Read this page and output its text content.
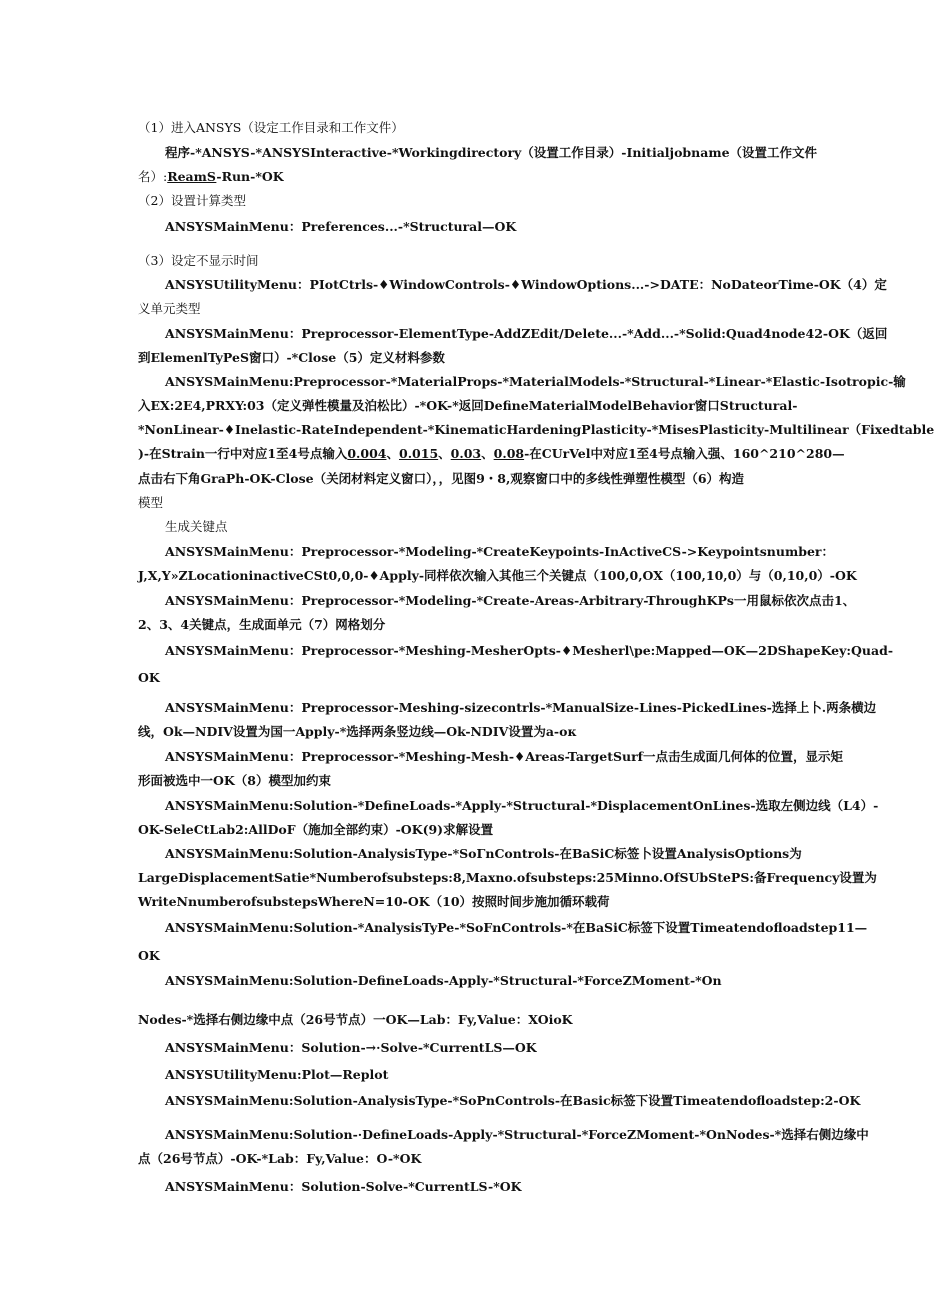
（1）进入ANSYS（设定工作目录和工作文件）
程序-*ANSYS-*ANSYSInteractive-*Workingdirectory（设置工作目录）-Initialjobname（设置工作文件
名）:ReamS-Run-*OK
（2）设置计算类型
ANSYSMainMenu：Preferences...-*Structural—OK
（3）设定不显示时间
ANSYSUtilityMenu：PIotCtrls-♦WindowControls-♦WindowOptions...->DATE：NoDateorTime-OK（4）定
义单元类型
ANSYSMainMenu：Preprocessor-ElementType-AddZEdit/Delete...-*Add...-*Solid:Quad4node42-OK（返回
到ElemenlTyPeS窗口）-*Close（5）定义材料参数
ANSYSMainMenu:Preprocessor-*MaterialProps-*MaterialModels-*Structural-*Linear-*Elastic-Isotropic-输
入EX:2E4,PRXY:03（定义弹性模量及泊松比）-*OK-*返回DefineMaterialModelBehavior窗口Structural-
*NonLinear-♦Inelastic-RateIndependent-*KinematicHardeningPlasticity-*MisesPlasticity-Multilinear（Fixedtable
)-在Strain一行中对应1至4号点输入0.004、0.015、0.03、0.08-在CUrVel中对应1至4号点输入强、160^210^280—
点击右下角GraPh-OK-Close（关闭材料定义窗口），，见图9・8,观察窗口中的多线性弹塑性模型（6）构造
模型
生成关键点
ANSYSMainMenu ： Preprocessor-*Modeling-*CreateKeypoints-InActiveCS->Keypointsnumber ：
J,X,Y»ZLocationinactiveCSt0,0,0-♦Apply-同样依次输入其他三个关键点（100,0,OX（100,10,0）与（0,10,0）-OK
ANSYSMainMenu：Preprocessor-*Modeling-*Create-Areas-Arbitrary-ThroughKPs一用鼠标依次点击1、
2、3、4关键点，生成面单元（7）网格划分
ANSYSMainMenu：Preprocessor-*Meshing-MesherOpts-♦Mesherl\pe:Mapped—OK—2DShapeKey:Quad-
OK
ANSYSMainMenu：Preprocessor-Meshing-sizecontrls-*ManualSize-Lines-PickedLines-选择上卜.两条横边
线，Ok—NDIV设置为国一Apply-*选择两条竖边线—Ok-NDIV设置为a-oκ
ANSYSMainMenu：Preprocessor-*Meshing-Mesh-♦Areas-TargetSurf一点击生成面几何体的位置，显示矩
形面被选中一OK（8）模型加约束
ANSYSMainMenu:Solution-*DefineLoads-*Apply-*Structural-*DisplacementOnLines-选取左侧边线（L4）-
OK-SeleCtLab2:AllDoF（施加全部约束）-OK(9)求解设置
ANSYSMainMenu:Solution-AnalysisType-*SoΓnControls-在BaSiC标签卜设置AnalysisOptions为
LargeDisplacementSatie*Numberofsubsteps:8,Maxno.ofsubsteps:25Minno.OfSUbStePS:备Frequency设置为
WriteNnumberofsubstepsWhereN=10-OK（10）按照时间步施加循环载荷
ANSYSMainMenu:Solution-*AnalysisTyPe-*SoFnControls-*在BaSiC标签下设置Timeatendofloadstep11—
OK
ANSYSMainMenu:Solution-DefineLoads-Apply-*Structural-*ForceZMoment-*On
Nodes-*选择右侧边缘中点（26号节点）一OK—Lab：Fy,Value：XOioK
ANSYSMainMenu：Solution-→·Solve-*CurrentLS—OK
ANSYSUtilityMenu:Plot—Replot
ANSYSMainMenu:Solution-AnalysisType-*SoPnControls-在Basic标签下设置Timeatendofloadstep:2-OK
ANSYSMainMenu:Solution-·DefineLoads-Apply-*Structural-*ForceZMoment-*OnNodes-*选择右侧边缘中
点（26号节点）-OK-*Lab：Fy,Value：O-*OK
ANSYSMainMenu：Solution-Solve-*CurrentLS-*OK
